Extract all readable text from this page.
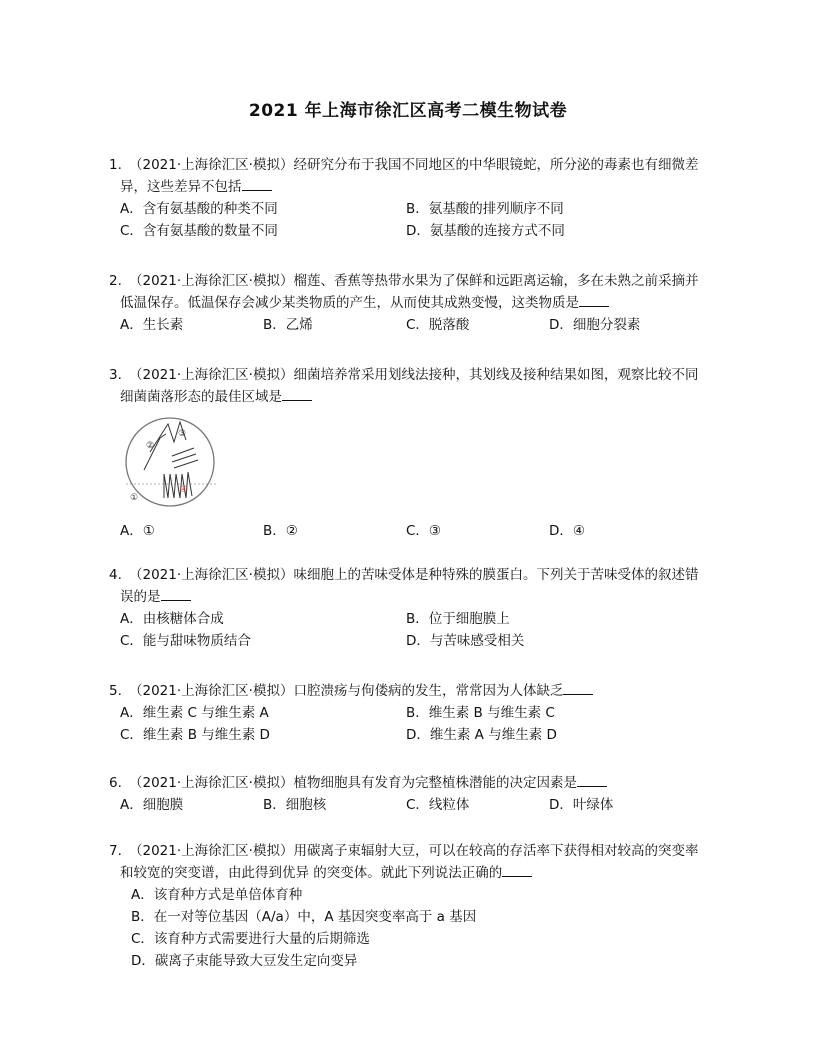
2021 年上海市徐汇区高考二模生物试卷
1. （2021·上海徐汇区·模拟）经研究分布于我国不同地区的中华眼镜蛇，所分泌的毒素也有细微差
异，这些差异不包括
A．含有氨基酸的种类不同	B．氨基酸的排列顺序不同
C．含有氨基酸的数量不同	D．氨基酸的连接方式不同
2. （2021·上海徐汇区·模拟）榴莲、香蕉等热带水果为了保鲜和远距离运输，多在未熟之前采摘并
低温保存。低温保存会减少某类物质的产生，从而使其成熟变慢，这类物质是
A．生长素	B．乙烯	C．脱落酸	D．细胞分裂素
3. （2021·上海徐汇区·模拟）细菌培养常采用划线法接种，其划线及接种结果如图，观察比较不同
细菌菌落形态的最佳区域是
②
①
③
④
A．①	B．②	C．③	D．④
4. （2021·上海徐汇区·模拟）味细胞上的苦味受体是种特殊的膜蛋白。下列关于苦味受体的叙述错
误的是
A．由核糖体合成	B．位于细胞膜上
C．能与甜味物质结合	D．与苦味感受相关
5. （2021·上海徐汇区·模拟）口腔溃疡与佝偻病的发生，常常因为人体缺乏
A．维生素 C 与维生素 A	B．维生素 B 与维生素 C
C．维生素 B 与维生素 D	D．维生素 A 与维生素 D
6. （2021·上海徐汇区·模拟）植物细胞具有发育为完整植株潜能的决定因素是
A．细胞膜	B．细胞核	C．线粒体	D．叶绿体
7. （2021·上海徐汇区·模拟）用碳离子束辐射大豆，可以在较高的存活率下获得相对较高的突变率
和较宽的突变谱，由此得到优异 的突变体。就此下列说法正确的
A．该育种方式是单倍体育种
B．在一对等位基因（A/a）中，A 基因突变率高于 a 基因
C．该育种方式需要进行大量的后期筛选
D．碳离子束能导致大豆发生定向变异
